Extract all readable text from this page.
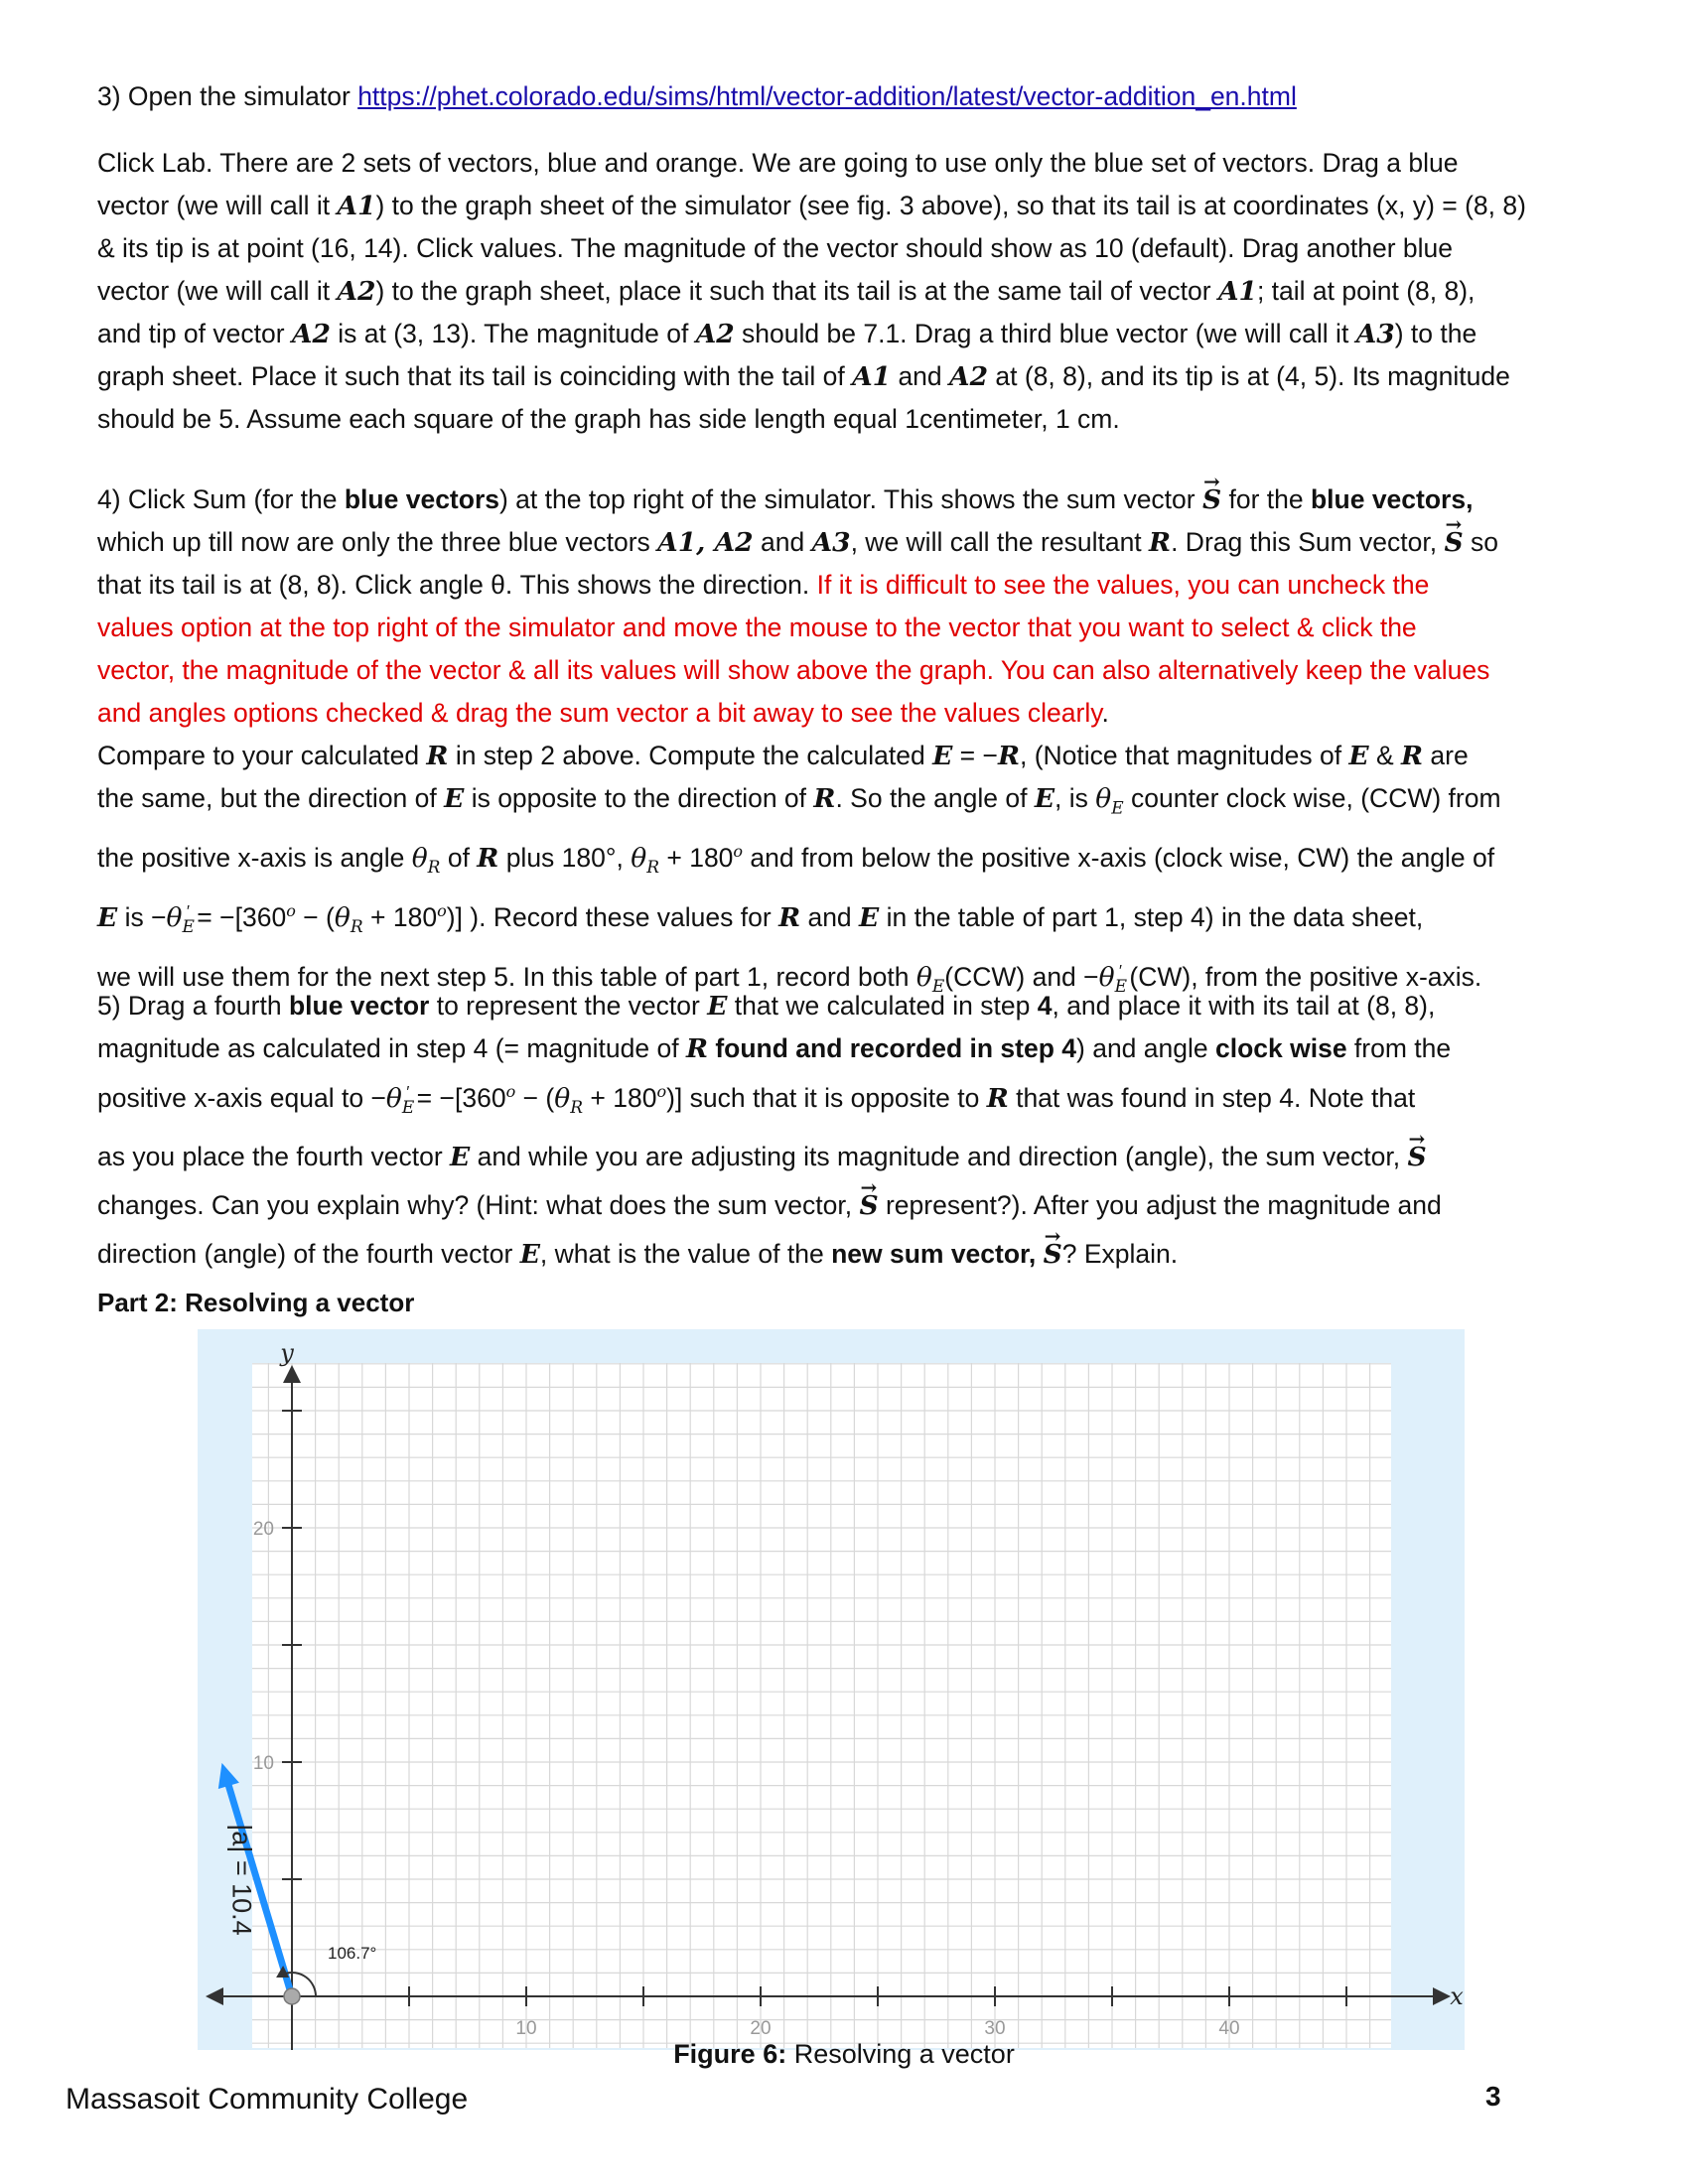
3) Open the simulator https://phet.colorado.edu/sims/html/vector-addition/latest/vector-addition_en.html

Click Lab. There are 2 sets of vectors, blue and orange. We are going to use only the blue set of vectors. Drag a blue

vector (we will call it A1) to the graph sheet of the simulator (see fig. 3 above), so that its tail is at coordinates (x, y) = (8, 8)

& its tip is at point (16, 14). Click values. The magnitude of the vector should show as 10 (default). Drag another blue

vector (we will call it A2) to the graph sheet, place it such that its tail is at the same tail of vector A1; tail at point (8, 8),

and tip of vector A2 is at (3, 13). The magnitude of A2 should be 7.1. Drag a third blue vector (we will call it A3) to the

graph sheet. Place it such that its tail is coinciding with the tail of A1 and A2 at (8, 8), and its tip is at (4, 5). Its magnitude

should be 5. Assume each square of the graph has side length equal 1centimeter, 1 cm.

4) Click Sum (for the blue vectors) at the top right of the simulator. This shows the sum vector → S for the blue vectors,

which up till now are only the three blue vectors A1, A2 and A3, we will call the resultant R. Drag this Sum vector, → S so

that its tail is at (8, 8). Click angle θ. This shows the direction. If it is difficult to see the values, you can uncheck the

values option at the top right of the simulator and move the mouse to the vector that you want to select & click the

vector, the magnitude of the vector & all its values will show above the graph. You can also alternatively keep the values

and angles options checked & drag the sum vector a bit away to see the values clearly.

Compare to your calculated R in step 2 above. Compute the calculated E = −R, (Notice that magnitudes of E & R are

the same, but the direction of E is opposite to the direction of R. So the angle of E, is $\theta_E$ counter clock wise, (CCW) from

the positive x-axis is angle $\theta_R$ of R plus 180°, $\theta_R + 180^o$ and from below the positive x-axis (clock wise, CW) the angle of

E is $-\theta_E' = -[360^o - (\theta_R + 180^o)]$ ). Record these values for R and E in the table of part 1, step 4) in the data sheet,

we will use them for the next step 5. In this table of part 1, record both $\theta_E(CCW)$ and $-\theta_E'$ (CW), from the positive x-axis.

5) Drag a fourth blue vector to represent the vector E that we calculated in step 4, and place it with its tail at (8, 8),

magnitude as calculated in step 4 (= magnitude of R found and recorded in step 4) and angle clock wise from the

positive x-axis equal to $-\theta_E' = -[360^o - (\theta_R + 180^o)]$ such that it is opposite to R that was found in step 4. Note that

as you place the fourth vector E and while you are adjusting its magnitude and direction (angle), the sum vector, → S

changes. Can you explain why? (Hint: what does the sum vector, → S represent?). After you adjust the magnitude and

direction (angle) of the fourth vector E, what is the value of the new sum vector, → S? Explain.

Part 2: Resolving a vector
y
x
20
10
10	20	30	40
106.7°
|a| = 10.4
Figure 6: Resolving a vector
Massasoit Community College	3
